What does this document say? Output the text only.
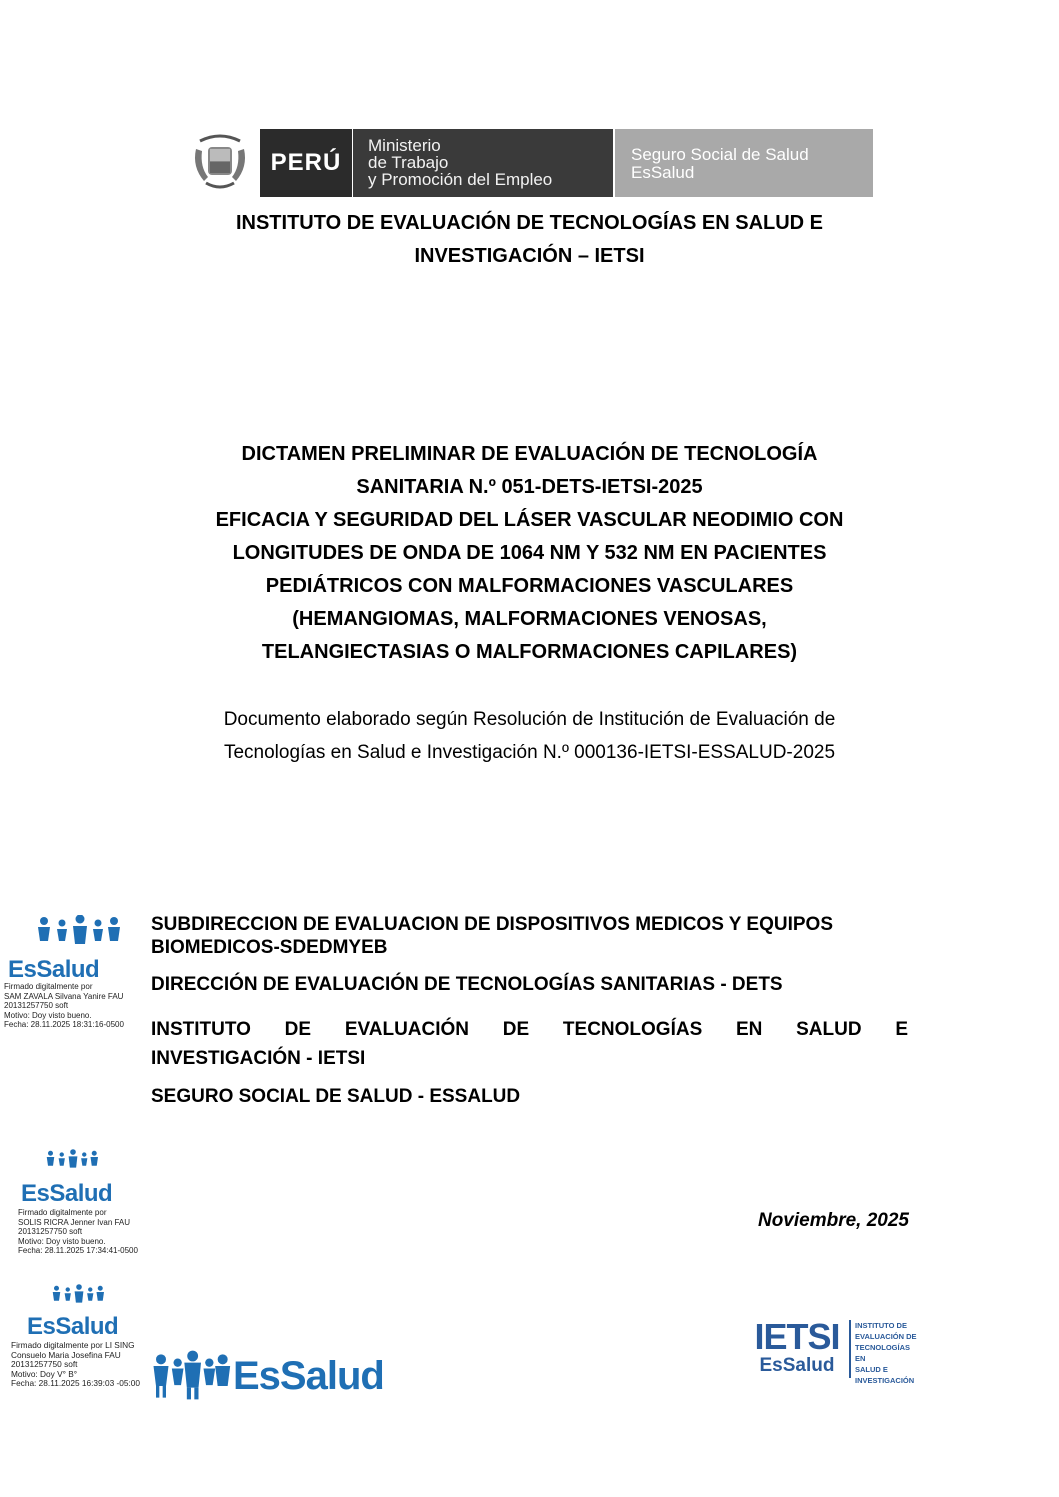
PERÚ
Ministerio
de Trabajo
y Promoción del Empleo
Seguro Social de Salud
EsSalud
INSTITUTO DE EVALUACIÓN DE TECNOLOGÍAS EN SALUD E
INVESTIGACIÓN – IETSI
DICTAMEN PRELIMINAR DE EVALUACIÓN DE TECNOLOGÍA
SANITARIA N.º 051-DETS-IETSI-2025
EFICACIA Y SEGURIDAD DEL LÁSER VASCULAR NEODIMIO CON
LONGITUDES DE ONDA DE 1064 NM Y 532 NM EN PACIENTES
PEDIÁTRICOS CON MALFORMACIONES VASCULARES
(HEMANGIOMAS, MALFORMACIONES VENOSAS,
TELANGIECTASIAS O MALFORMACIONES CAPILARES)
Documento elaborado según Resolución de Institución de Evaluación de
Tecnologías en Salud e Investigación N.º 000136-IETSI-ESSALUD-2025
EsSalud
Firmado digitalmente por
SAM ZAVALA Silvana Yanire FAU
20131257750 soft
Motivo: Doy visto bueno.
Fecha: 28.11.2025 18:31:16-0500
SUBDIRECCION DE EVALUACION DE DISPOSITIVOS MEDICOS Y EQUIPOS
BIOMEDICOS-SDEDMYEB
DIRECCIÓN DE EVALUACIÓN DE TECNOLOGÍAS SANITARIAS - DETS
INSTITUTO DE EVALUACIÓN DE TECNOLOGÍAS EN SALUD E
INVESTIGACIÓN - IETSI
SEGURO SOCIAL DE SALUD - ESSALUD
Noviembre, 2025
EsSalud
Firmado digitalmente por
SOLIS RICRA Jenner Ivan FAU
20131257750 soft
Motivo: Doy visto bueno.
Fecha: 28.11.2025 17:34:41-0500
EsSalud
Firmado digitalmente por LI SING
Consuelo Maria Josefina FAU
20131257750 soft
Motivo: Doy V° B°
Fecha: 28.11.2025 16:39:03 -05:00	EsSalud
IETSI
EsSalud
INSTITUTO DE
EVALUACIÓN DE
TECNOLOGÍAS EN
SALUD E
INVESTIGACIÓN
